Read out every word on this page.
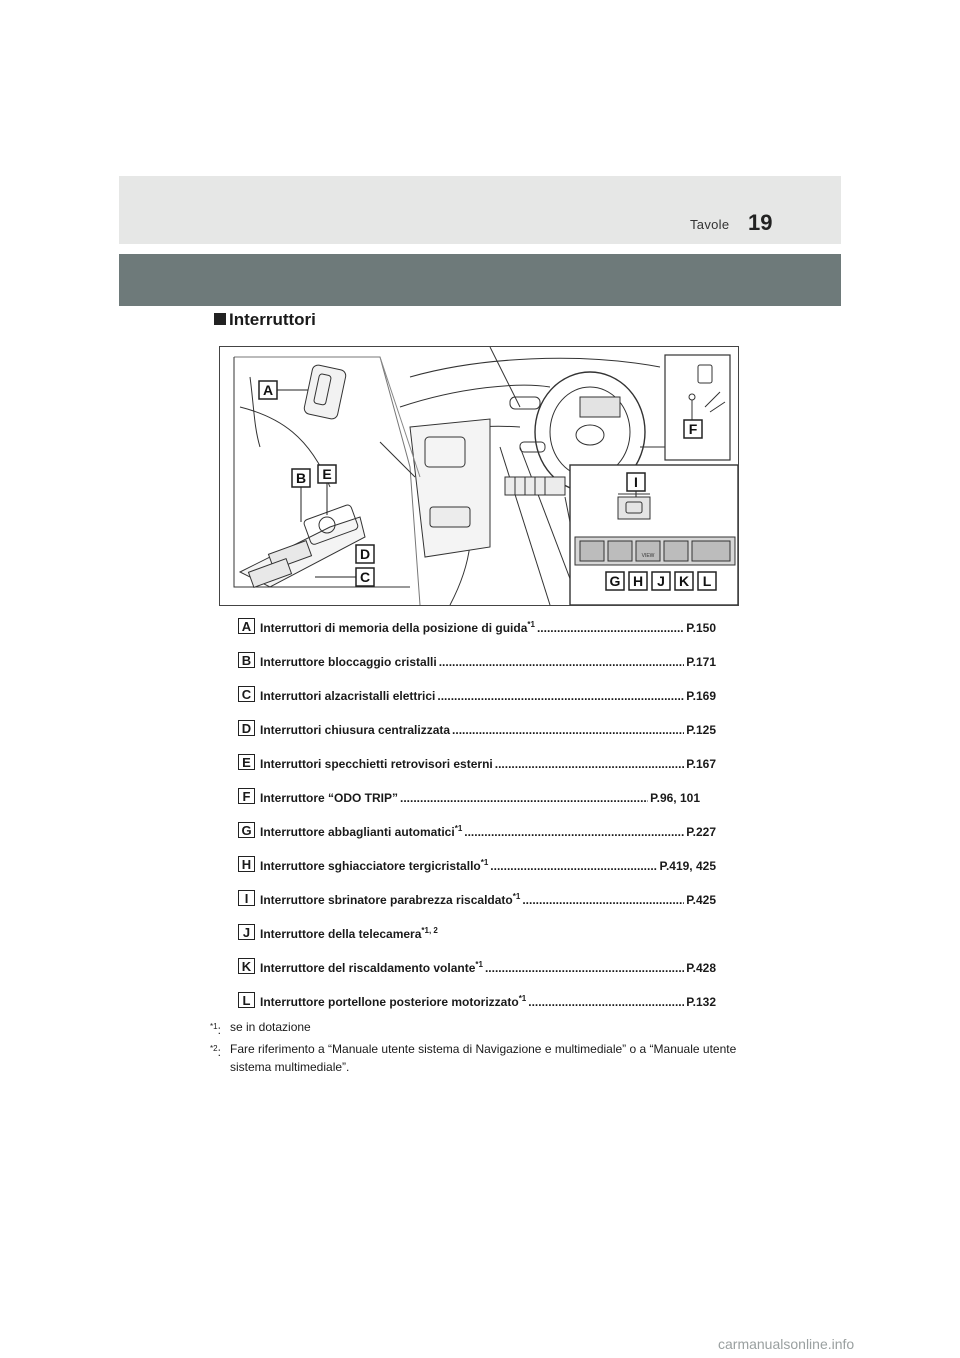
Tavole 19
Interruttori
VIEW
A
B
C
D
E
F
G H
I
J	K L
A Interruttori di memoria della posizione di guida$^{*1}$ .....	P.150
B Interruttore bloccaggio cristalli .....	P.171
C Interruttori alzacristalli elettrici .....	P.169
D Interruttori chiusura centralizzata .....	P.125
E Interruttori specchietti retrovisori esterni .....	P.167
F Interruttore “ODO TRIP” .....	P.96, 101
G Interruttore abbaglianti automatici$^{*1}$ .....	P.227
H Interruttore sghiacciatore tergicristallo$^{*1}$ .....	P.419, 425
I Interruttore sbrinatore parabrezza riscaldato$^{*1}$ .....	P.425
J Interruttore della telecamera$^{*1, 2}$
K Interruttore del riscaldamento volante$^{*1}$ .....	P.428
L Interruttore portellone posteriore motorizzato$^{*1}$ .....	P.132
$^{*1}$: se in dotazione
$^{*2}$: Fare riferimento a “Manuale utente sistema di Navigazione e multimediale” o a “Manuale utente sistema multimediale”.
carmanualsonline.info
